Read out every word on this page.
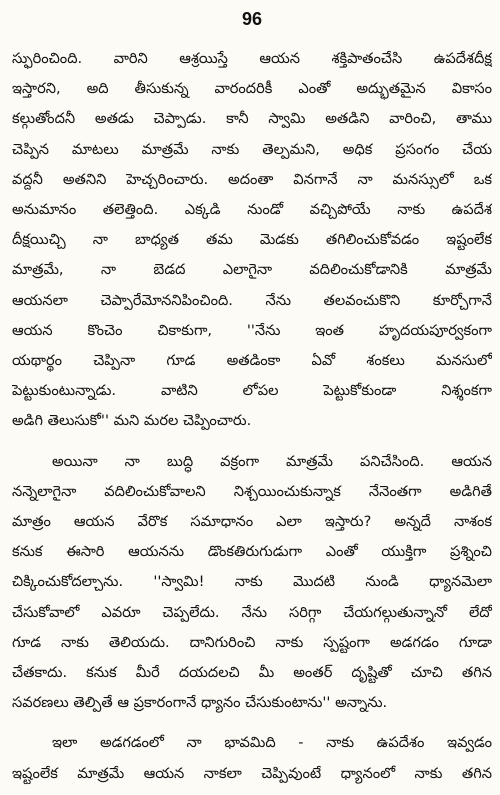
96

స్ఫురించింది. వారిని ఆశ్రయిస్తే ఆయన శక్తిపాతంచేసి ఉపదేశదీక్ష
ఇస్తారని, అది తీసుకున్న వారందరికీ ఎంతో అద్భుతమైన వికాసం
కల్గుతోందనీ అతడు చెప్పాడు. కానీ స్వామి అతడిని వారించి, తాము
చెప్పిన మాటలు మాత్రమే నాకు తెల్పమని, అధిక ప్రసంగం చేయ
వద్దనీ అతనిని హెచ్చరించారు. అదంతా వినగానే నా మనస్సులో ఒక
అనుమానం తలెత్తింది. ఎక్కడి నుండో వచ్చిపోయే నాకు ఉపదేశ
దీక్షయిచ్చి నా బాధ్యత తమ మెడకు తగిలించుకోవడం ఇష్టంలేక
మాత్రమే, నా బెడద ఎలాగైనా వదిలించుకోడానికి మాత్రమే
ఆయనలా చెప్పారేమోననిపించింది. నేను తలవంచుకొని కూర్చోగానే
ఆయన కొంచెం చికాకుగా, ''నేను ఇంత హృదయపూర్వకంగా
యథార్థం చెప్పినా గూడ అతడింకా ఏవో శంకలు మనసులో
పెట్టుకుంటున్నాడు. వాటిని లోపల పెట్టుకోకుండా నిశ్శంకగా
అడిగి తెలుసుకో'' మని మరల చెప్పించారు.

అయినా నా బుద్ధి వక్రంగా మాత్రమే పనిచేసింది. ఆయన
నన్నెలాగైనా వదిలించుకోవాలని నిశ్చయించుకున్నాక నేనెంతగా అడిగితే
మాత్రం ఆయన వేరొక సమాధానం ఎలా ఇస్తారు? అన్నదే నాశంక
కనుక ఈసారి ఆయనను డొంకతిరుగుడుగా ఎంతో యుక్తిగా ప్రశ్నించి
చిక్కించుకోదల్చాను. ''స్వామి! నాకు మొదటి నుండి ధ్యానమెలా
చేసుకోవాలో ఎవరూ చెప్పలేదు. నేను సరిగ్గా చేయగల్గుతున్నానో లేదో
గూడ నాకు తెలియదు. దానిగురించి నాకు స్పష్టంగా అడగడం గూడా
చేతకాదు. కనుక మీరే దయదలచి మీ అంతర్ దృష్టితో చూచి తగిన
సవరణలు తెల్పితే ఆ ప్రకారంగానే ధ్యానం చేసుకుంటాను'' అన్నాను.

ఇలా అడగడంలో నా భావమిది - నాకు ఉపదేశం ఇవ్వడం
ఇష్టంలేక మాత్రమే ఆయన నాకలా చెప్పివుంటే ధ్యానంలో నాకు తగిన
